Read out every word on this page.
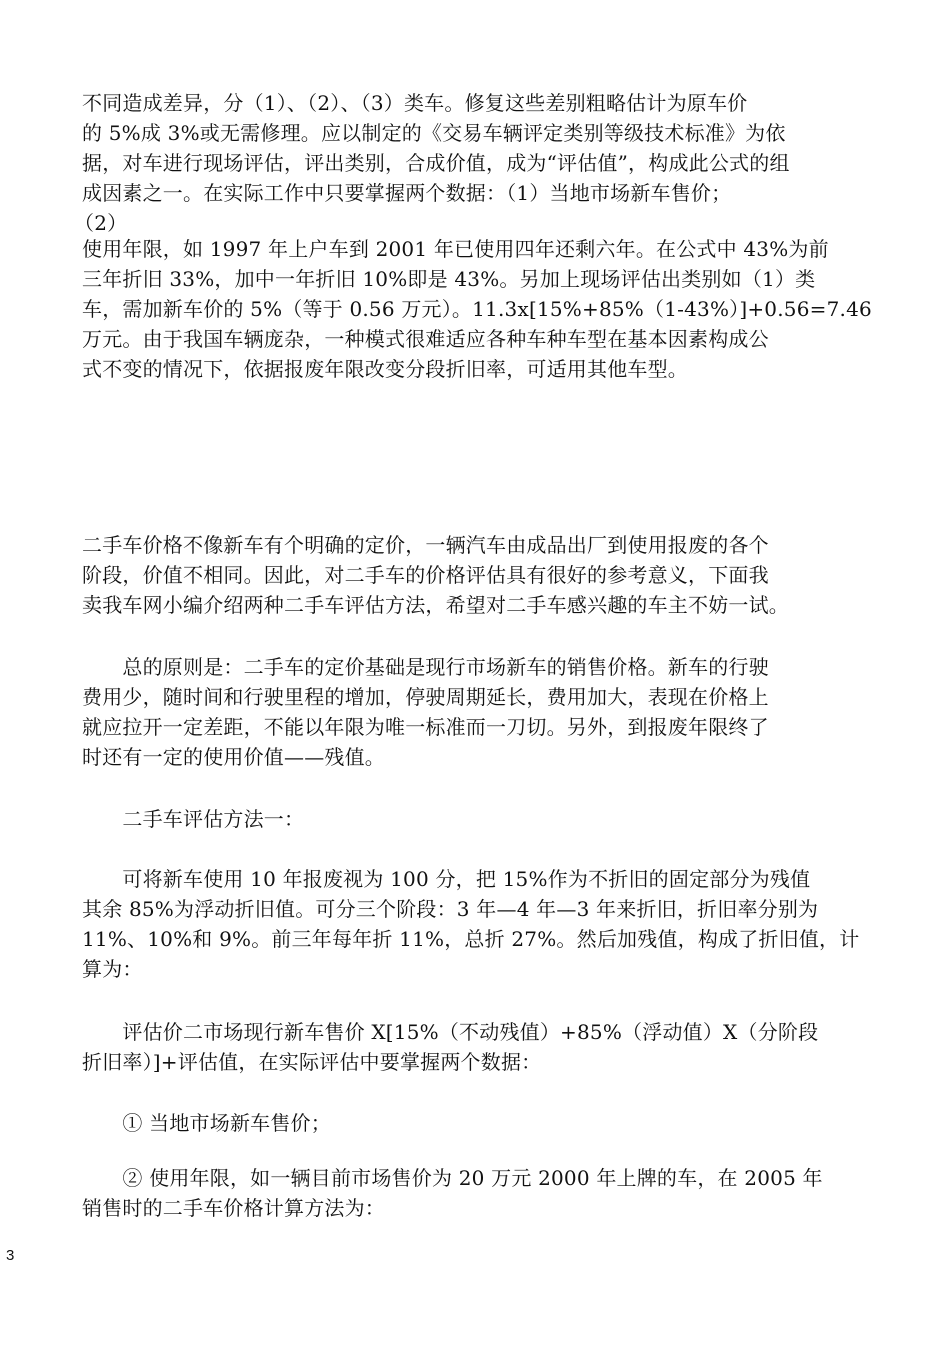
不同造成差异，分（1）、（2）、（3）类车。修复这些差别粗略估计为原车价
的 5%成 3%或无需修理。应以制定的《交易车辆评定类别等级技术标准》为依
据，对车进行现场评估，评出类别，合成价值，成为“评估值”，构成此公式的组
成因素之一。在实际工作中只要掌握两个数据：（1）当地市场新车售价；
（2）
使用年限，如 1997 年上户车到 2001 年已使用四年还剩六年。在公式中 43%为前
三年折旧 33%，加中一年折旧 10%即是 43%。另加上现场评估出类别如（1）类
车，需加新车价的 5%（等于 0.56 万元）。11.3x[15%+85%（1-43%）]+0.56=7.46
万元。由于我国车辆庞杂，一种模式很难适应各种车种车型在基本因素构成公
式不变的情况下，依据报废年限改变分段折旧率，可适用其他车型。
二手车价格不像新车有个明确的定价，一辆汽车由成品出厂到使用报废的各个
阶段，价值不相同。因此，对二手车的价格评估具有很好的参考意义，下面我
卖我车网小编介绍两种二手车评估方法，希望对二手车感兴趣的车主不妨一试。
　　总的原则是：二手车的定价基础是现行市场新车的销售价格。新车的行驶
费用少，随时间和行驶里程的增加，停驶周期延长，费用加大，表现在价格上
就应拉开一定差距，不能以年限为唯一标准而一刀切。另外，到报废年限终了
时还有一定的使用价值——残值。
　　二手车评估方法一：
　　可将新车使用 10 年报废视为 100 分，把 15%作为不折旧的固定部分为残值
其余 85%为浮动折旧值。可分三个阶段：3 年—4 年—3 年来折旧，折旧率分别为
11%、10%和 9%。前三年每年折 11%，总折 27%。然后加残值，构成了折旧值，计
算为：
　　评估价二市场现行新车售价 X[15%（不动残值）+85%（浮动值）X（分阶段
折旧率）]+评估值，在实际评估中要掌握两个数据：
　　① 当地市场新车售价；
　　② 使用年限，如一辆目前市场售价为 20 万元 2000 年上牌的车，在 2005 年
销售时的二手车价格计算方法为：
3
